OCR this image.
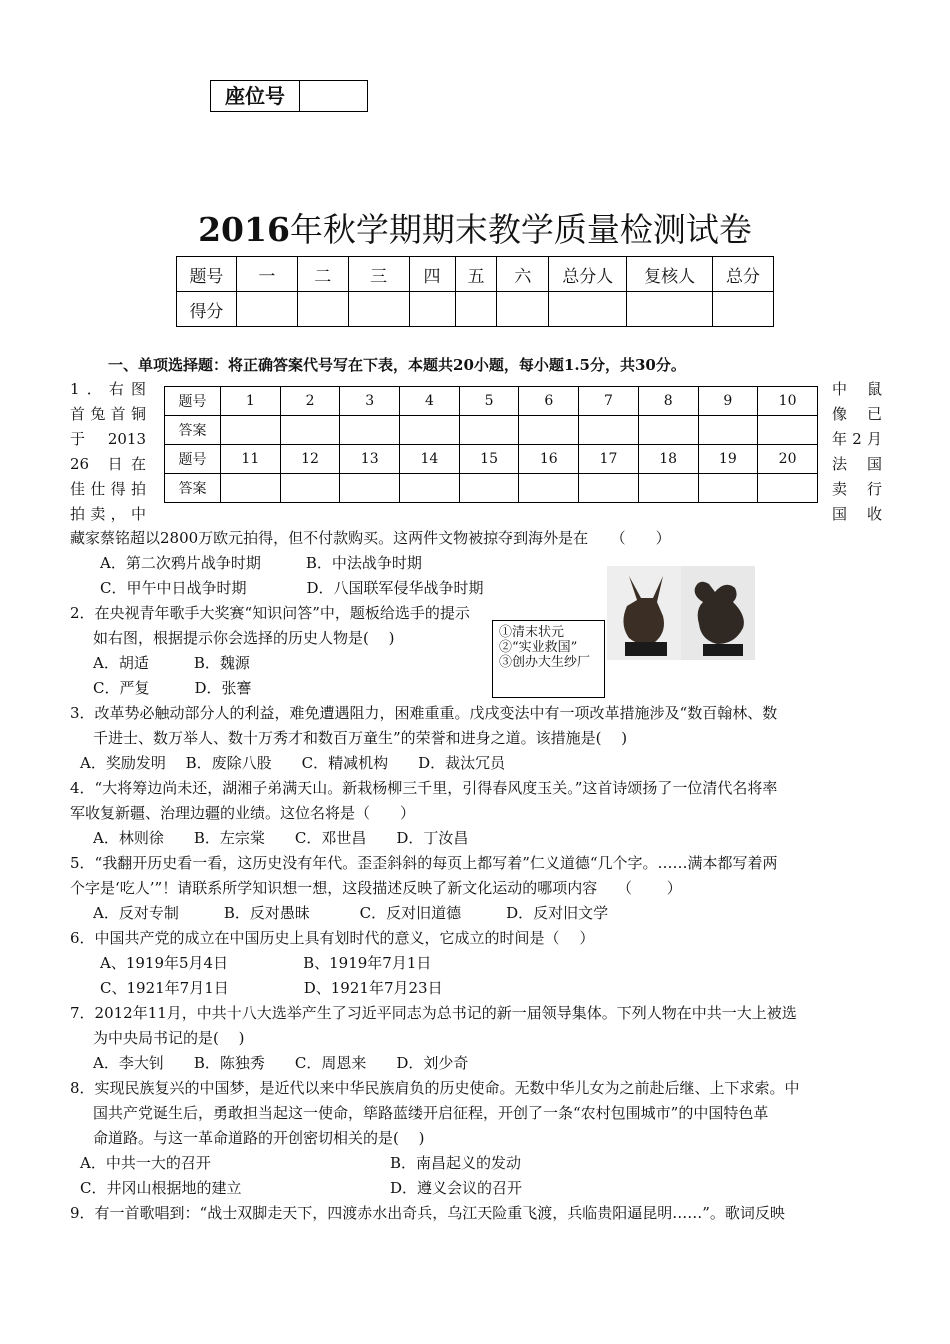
座位号
2016年秋学期期末教学质量检测试卷
题号	一	二	三	四	五	六	总分人	复核人	总分
得分									
一、单项选择题：将正确答案代号写在下表，本题共20小题，每小题1.5分，共30分。
1．右图
首兔首铜
于　2013
26　日 在
佳仕得拍
拍卖，中
中　鼠
像　已
年2月
法　国
卖　行
国　收
题号	1	2	3	4	5	6	7	8	9	10
答案										
题号	11	12	13	14	15	16	17	18	19	20
答案										
藏家蔡铭超以2800万欧元拍得，但不付款购买。这两件文物被掠夺到海外是在　　（　　）
A．第二次鸦片战争时期　　　B．中法战争时期
C．甲午中日战争时期　　　　D．八国联军侵华战争时期
2．在央视青年歌手大奖赛“知识问答”中，题板给选手的提示
如右图，根据提示你会选择的历史人物是(　 )
A．胡适　　　B．魏源
C．严复　　　D．张謇
①清末状元
②“实业救国”
③创办大生纱厂
3．改革势必触动部分人的利益，难免遭遇阻力，困难重重。戊戌变法中有一项改革措施涉及“数百翰林、数
千进士、数万举人、数十万秀才和数百万童生”的荣誉和进身之道。该措施是(　 )
A．奖励发明　 B．废除八股　　C．精减机构　　D．裁汰冗员
4．“大将筹边尚未还，湖湘子弟满天山。新栽杨柳三千里，引得春风度玉关。”这首诗颂扬了一位清代名将率
军收复新疆、治理边疆的业绩。这位名将是（　　）
A．林则徐　　B．左宗棠　　C．邓世昌　　D．丁汝昌
5．“我翻开历史看一看，这历史没有年代。歪歪斜斜的每页上都写着”仁义道德“几个字。……满本都写着两
个字是‘吃人’”！请联系所学知识想一想，这段描述反映了新文化运动的哪项内容　 （　　 ）
A．反对专制　　　B．反对愚昧　　　 C．反对旧道德　　　D．反对旧文学
6．中国共产党的成立在中国历史上具有划时代的意义，它成立的时间是（　 ）
A、1919年5月4日　　　　　B、1919年7月1日
C、1921年7月1日　　　　　D、1921年7月23日
7．2012年11月，中共十八大选举产生了习近平同志为总书记的新一届领导集体。下列人物在中共一大上被选
为中央局书记的是(　 )
A．李大钊　　B．陈独秀　　C．周恩来　　D．刘少奇
8．实现民族复兴的中国梦，是近代以来中华民族肩负的历史使命。无数中华儿女为之前赴后继、上下求索。中
国共产党诞生后，勇敢担当起这一使命，筚路蓝缕开启征程，开创了一条“农村包围城市”的中国特色革
命道路。与这一革命道路的开创密切相关的是(　 )
A．中共一大的召开	B．南昌起义的发动
C．井冈山根据地的建立	D．遵义会议的召开
9．有一首歌唱到：“战士双脚走天下，四渡赤水出奇兵，乌江天险重飞渡，兵临贵阳逼昆明……”。歌词反映
